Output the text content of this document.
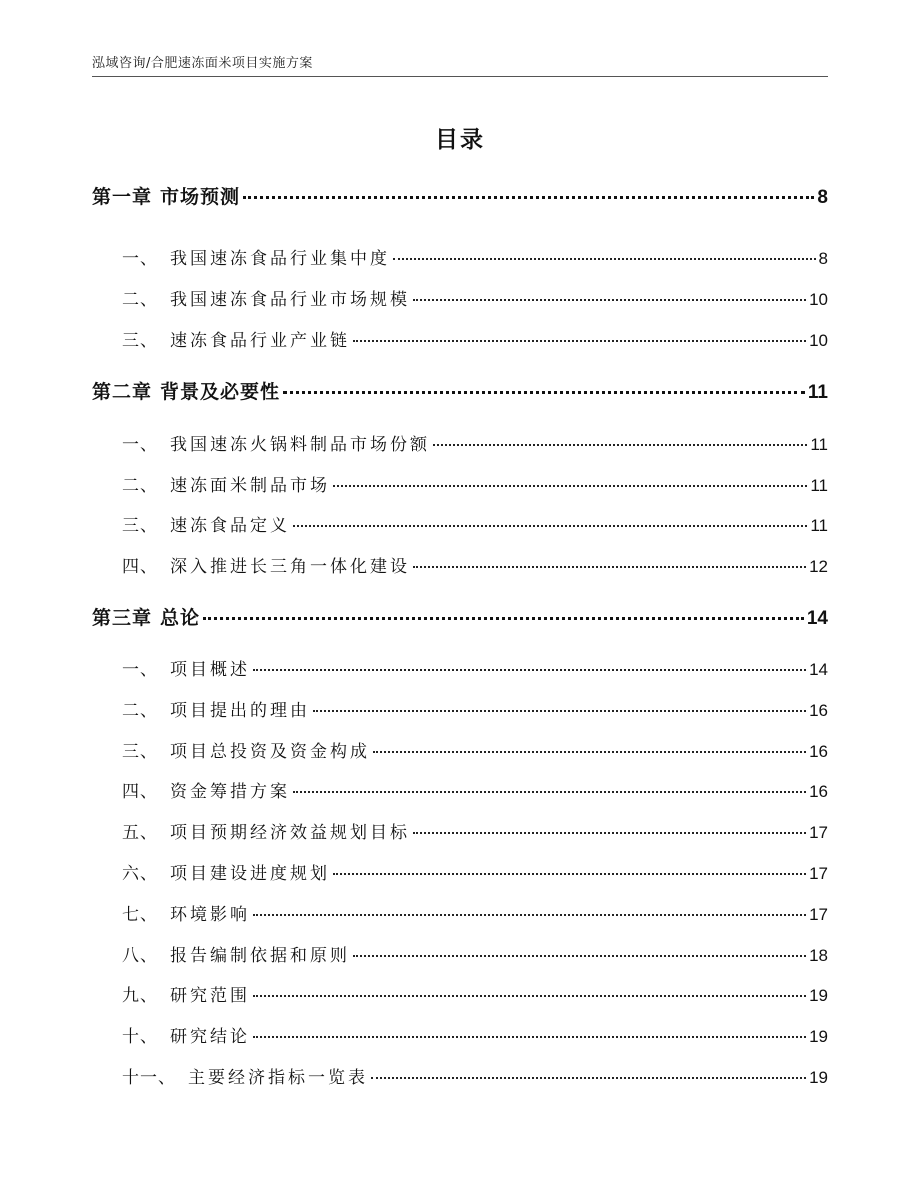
泓域咨询/合肥速冻面米项目实施方案
目录
第一章 市场预测	8
一、 我国速冻食品行业集中度	8
二、 我国速冻食品行业市场规模	10
三、 速冻食品行业产业链	10
第二章 背景及必要性	11
一、 我国速冻火锅料制品市场份额	11
二、 速冻面米制品市场	11
三、 速冻食品定义	11
四、 深入推进长三角一体化建设	12
第三章 总论	14
一、 项目概述	14
二、 项目提出的理由	16
三、 项目总投资及资金构成	16
四、 资金筹措方案	16
五、 项目预期经济效益规划目标	17
六、 项目建设进度规划	17
七、 环境影响	17
八、 报告编制依据和原则	18
九、 研究范围	19
十、 研究结论	19
十一、 主要经济指标一览表	19
